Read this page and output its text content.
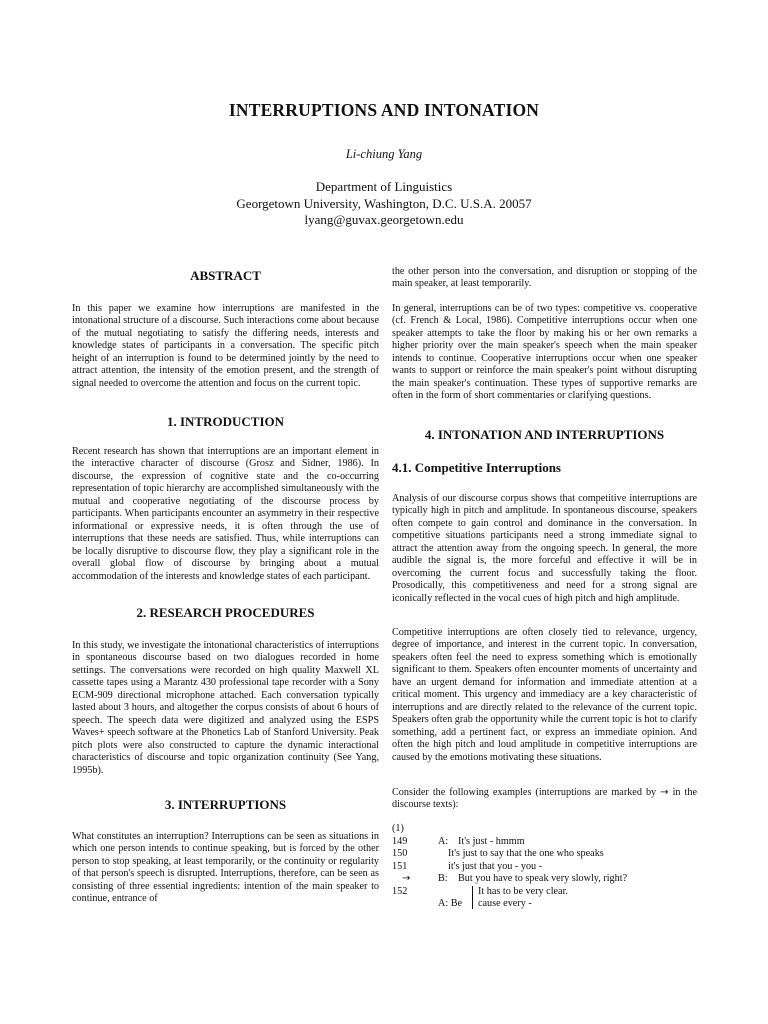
INTERRUPTIONS AND INTONATION
Li-chiung Yang
Department of Linguistics
Georgetown University, Washington, D.C. U.S.A. 20057
lyang@guvax.georgetown.edu
ABSTRACT

In this paper we examine how interruptions are manifested in the intonational structure of a discourse. Such interactions come about because of the mutual negotiating to satisfy the differing needs, interests and knowledge states of participants in a conversation. The specific pitch height of an interruption is found to be determined jointly by the need to attract attention, the intensity of the emotion present, and the strength of signal needed to overcome the attention and focus on the current topic.

1. INTRODUCTION

Recent research has shown that interruptions are an important element in the interactive character of discourse (Grosz and Sidner, 1986). In discourse, the expression of cognitive state and the co-occurring representation of topic hierarchy are accomplished simultaneously with the mutual and cooperative negotiating of the discourse process by participants. When participants encounter an asymmetry in their respective informational or expressive needs, it is often through the use of interruptions that these needs are satisfied. Thus, while interruptions can be locally disruptive to discourse flow, they play a significant role in the overall global flow of discourse by bringing about a mutual accommodation of the interests and knowledge states of each participant.

2. RESEARCH PROCEDURES

In this study, we investigate the intonational characteristics of interruptions in spontaneous discourse based on two dialogues recorded in home settings. The conversations were recorded on high quality Maxwell XL cassette tapes using a Marantz 430 professional tape recorder with a Sony ECM-909 directional microphone attached. Each conversation typically lasted about 3 hours, and altogether the corpus consists of about 6 hours of speech. The speech data were digitized and analyzed using the ESPS Waves+ speech software at the Phonetics Lab of Stanford University. Peak pitch plots were also constructed to capture the dynamic interactional characteristics of discourse and topic organization continuity (See Yang, 1995b).

3. INTERRUPTIONS

What constitutes an interruption? Interruptions can be seen as situations in which one person intends to continue speaking, but is forced by the other person to stop speaking, at least temporarily, or the continuity or regularity of that person's speech is disrupted. Interruptions, therefore, can be seen as consisting of three essential ingredients: intention of the main speaker to continue, entrance of

the other person into the conversation, and disruption or stopping of the main speaker, at least temporarily.

In general, interruptions can be of two types: competitive vs. cooperative (cf. French & Local, 1986). Competitive interruptions occur when one speaker attempts to take the floor by making his or her own remarks a higher priority over the main speaker's speech when the main speaker intends to continue. Cooperative interruptions occur when one speaker wants to support or reinforce the main speaker's point without disrupting the main speaker's continuation. These types of supportive remarks are often in the form of short commentaries or clarifying questions.

4. INTONATION AND INTERRUPTIONS
4.1. Competitive Interruptions

Analysis of our discourse corpus shows that competitive interruptions are typically high in pitch and amplitude. In spontaneous discourse, speakers often compete to gain control and dominance in the conversation. In competitive situations participants need a strong immediate signal to attract the attention away from the ongoing speech. In general, the more audible the signal is, the more forceful and effective it will be in overcoming the current focus and successfully taking the floor. Prosodically, this competitiveness and need for a strong signal are iconically reflected in the vocal cues of high pitch and high amplitude.

Competitive interruptions are often closely tied to relevance, urgency, degree of importance, and interest in the current topic. In conversation, speakers often feel the need to express something which is emotionally significant to them. Speakers often encounter moments of uncertainty and have an urgent demand for information and immediate attention at a critical moment. This urgency and immediacy are a key characteristic of interruptions and are directly related to the relevance of the current topic. Speakers often grab the opportunity while the current topic is hot to clarify something, add a pertinent fact, or express an immediate opinion. And often the high pitch and loud amplitude in competitive interruptions are caused by the emotions motivating these situations.

Consider the following examples (interruptions are marked by → in the discourse texts):

(1)
149	A: It's just - hmmm
150	It's just to say that the one who speaks
151	it's just that you - you -
→	B: But you have to speak very slowly, right?
152	It has to be very clear.
A: Be cause every -
